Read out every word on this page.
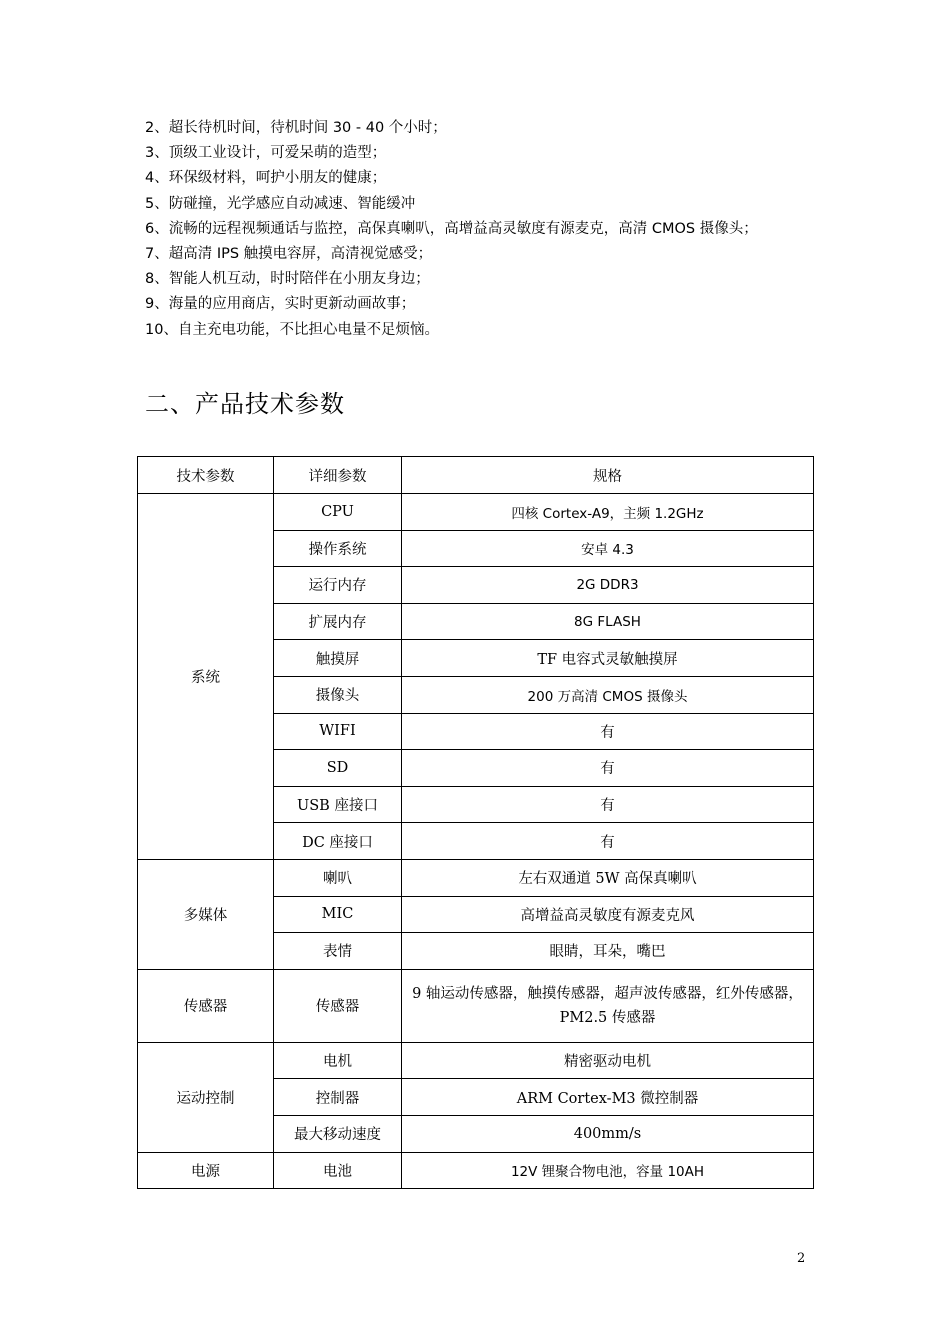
2、超长待机时间，待机时间 30 - 40 个小时；

3、顶级工业设计，可爱呆萌的造型；

4、环保级材料，呵护小朋友的健康；

5、防碰撞，光学感应自动减速、智能缓冲

6、流畅的远程视频通话与监控，高保真喇叭，高增益高灵敏度有源麦克，高清 CMOS 摄像头；

7、超高清 IPS 触摸电容屏，高清视觉感受；

8、智能人机互动，时时陪伴在小朋友身边；

9、海量的应用商店，实时更新动画故事；

10、自主充电功能，不比担心电量不足烦恼。

二、产品技术参数
技术参数	详细参数	规格
系统	CPU	四核 Cortex-A9，主频 1.2GHz
	操作系统	安卓 4.3
	运行内存	2G DDR3
	扩展内存	8G FLASH
	触摸屏	TF 电容式灵敏触摸屏
	摄像头	200 万高清 CMOS 摄像头
	WIFI	有
	SD	有
	USB 座接口	有
	DC 座接口	有
多媒体	喇叭	左右双通道 5W 高保真喇叭
	MIC	高增益高灵敏度有源麦克风
	表情	眼睛，耳朵，嘴巴
传感器	传感器	9 轴运动传感器，触摸传感器，超声波传感器，红外传感器，PM2.5 传感器
运动控制	电机	精密驱动电机
	控制器	ARM Cortex-M3 微控制器
	最大移动速度	400mm/s
电源	电池	12V 锂聚合物电池，容量 10AH
2
